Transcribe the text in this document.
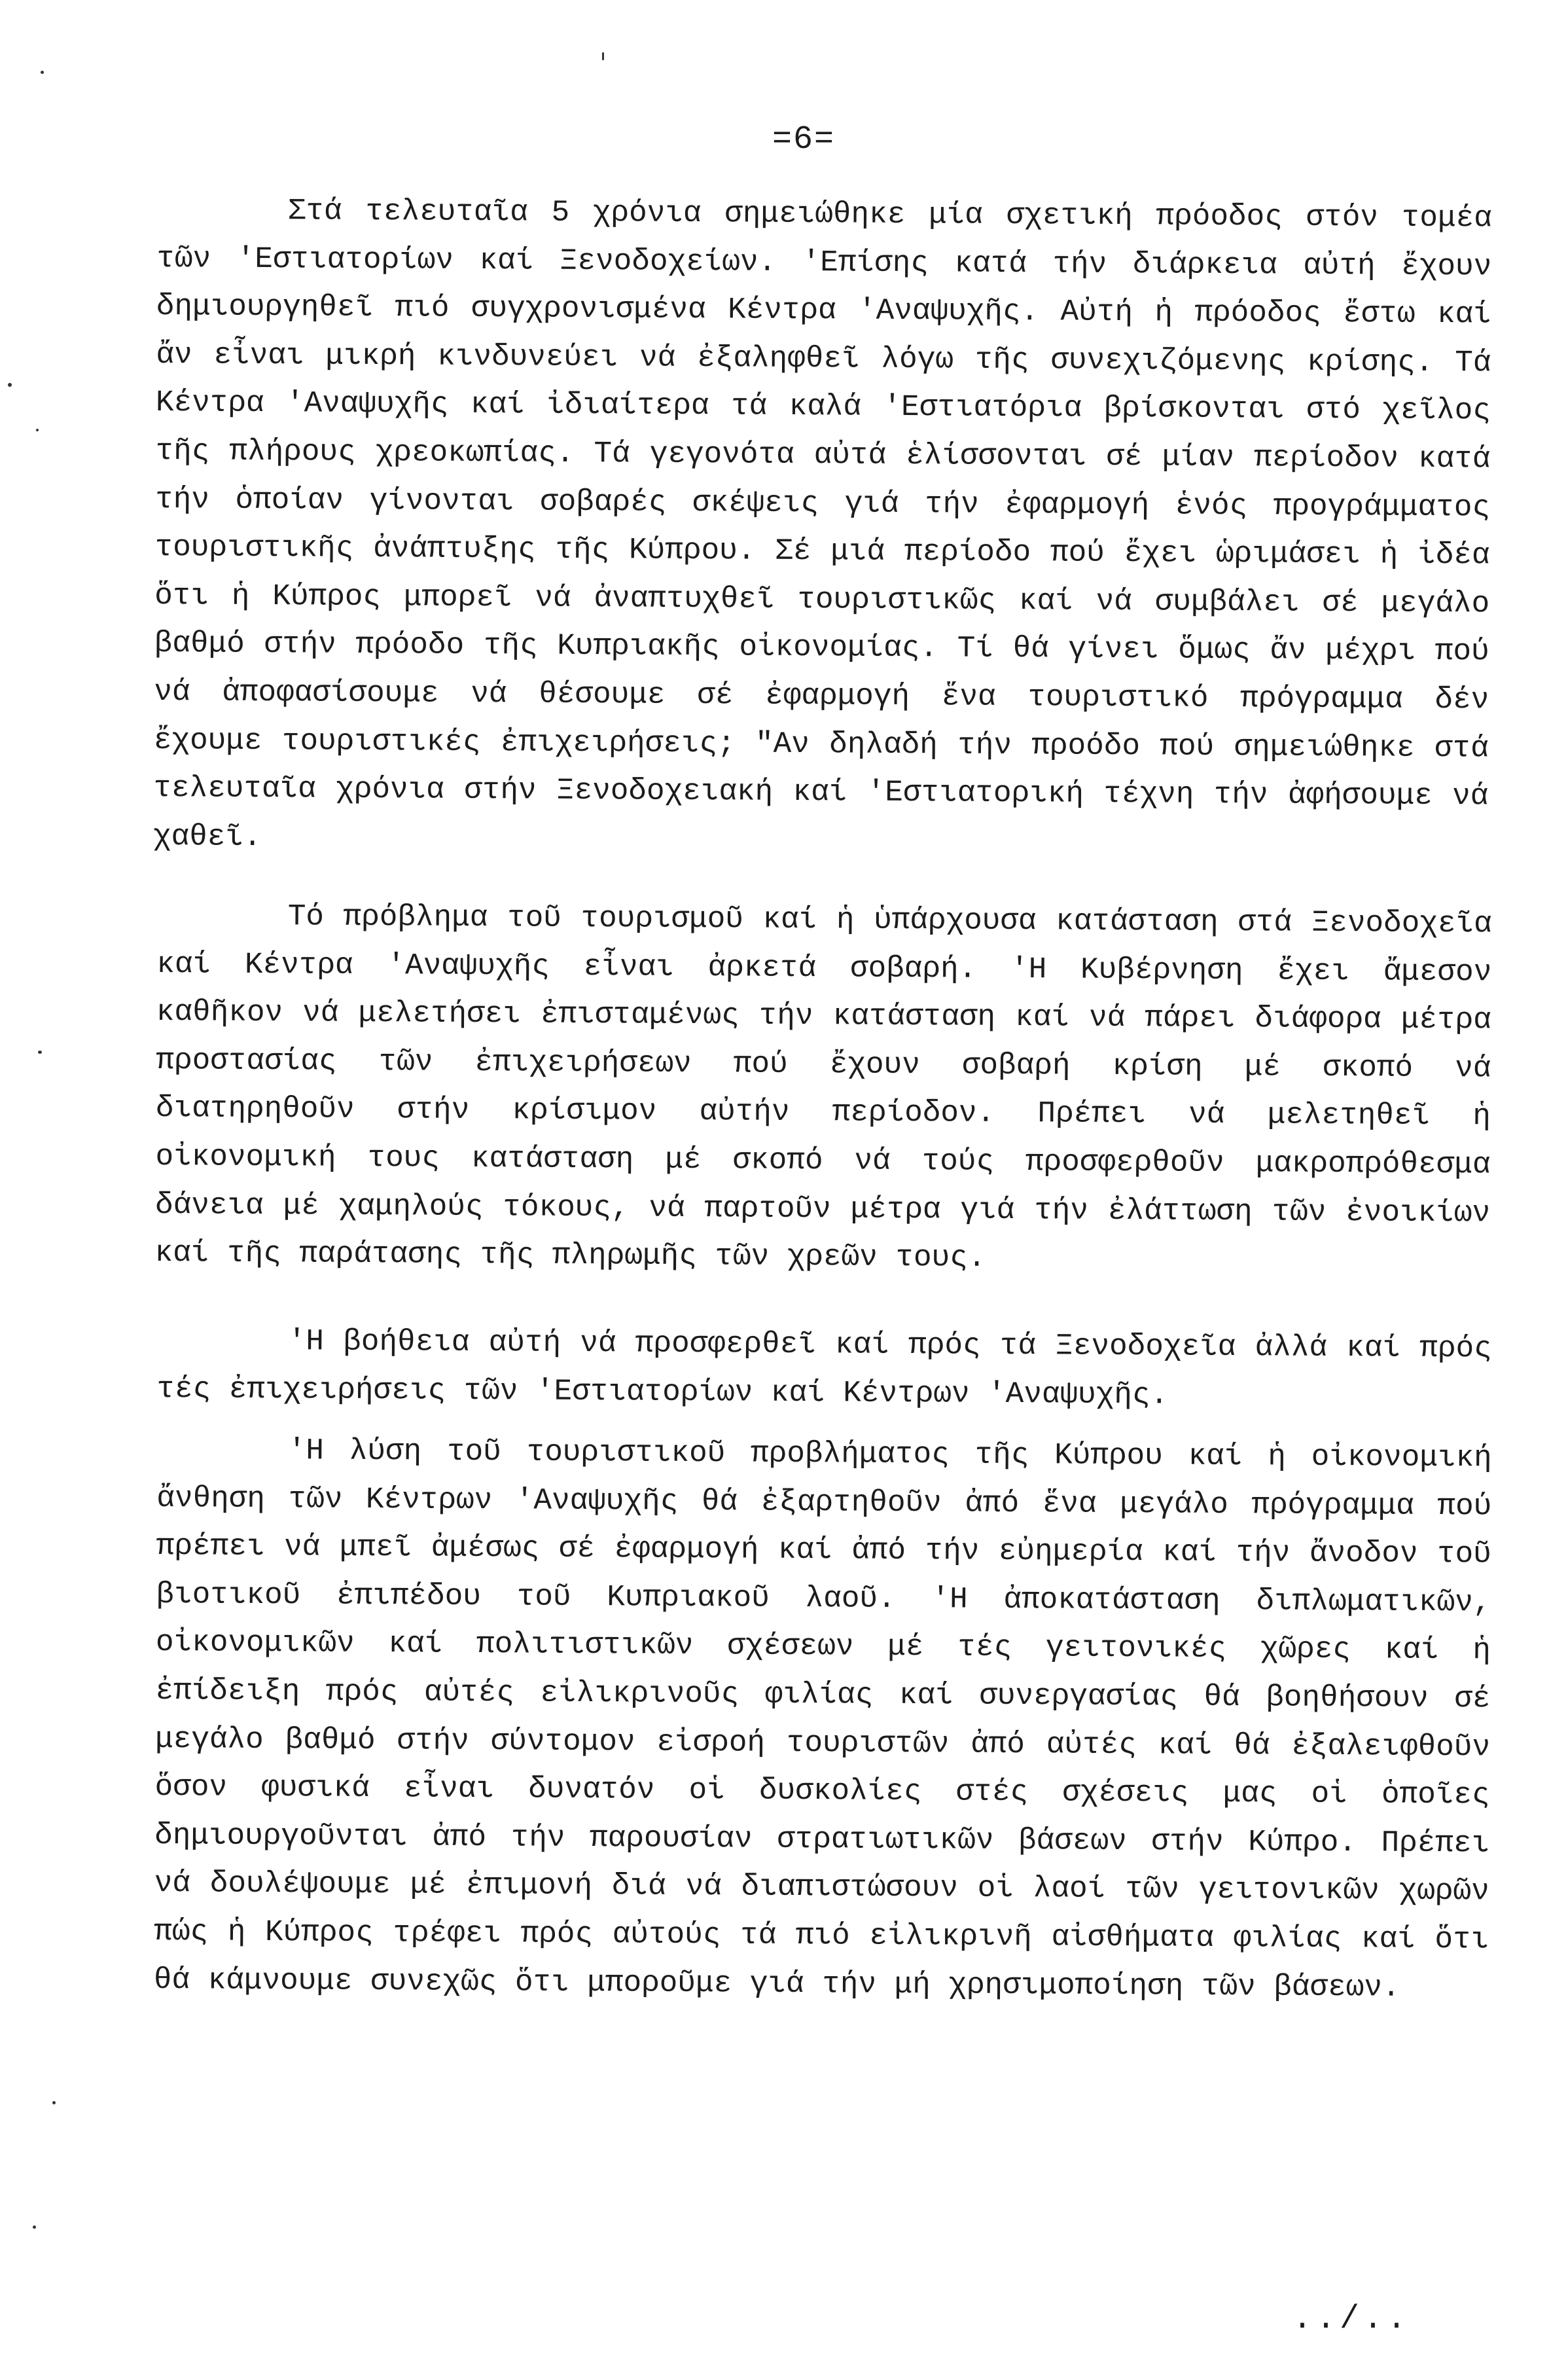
=6=

Στά τελευταῖα 5 χρόνια σημειώθηκε μία σχετική πρόοδος στόν τομέα τῶν 'Εστιατορίων καί Ξενοδοχείων. 'Επίσης κατά τήν διάρκεια αὐτή ἔχουν δημιουργηθεῖ πιό συγχρονισμένα Κέντρα 'Αναψυχῆς. Αὐτή ἡ πρόοδος ἔστω καί ἄν εἶναι μικρή κινδυνεύει νά ἐξαληφθεῖ λόγω τῆς συνεχιζόμενης κρίσης. Τά Κέντρα 'Αναψυχῆς καί ἰδιαίτερα τά καλά 'Εστιατόρια βρίσκονται στό χεῖλος τῆς πλήρους χρεοκωπίας. Τά γεγονότα αὐτά ἑλίσσονται σέ μίαν περίοδον κατά τήν ὁποίαν γίνονται σοβαρές σκέψεις γιά τήν ἐφαρμογή ἑνός προγράμματος τουριστικῆς ἀνάπτυξης τῆς Κύπρου. Σέ μιά περίοδο πού ἔχει ὡριμάσει ἡ ἰδέα ὅτι ἡ Κύπρος μπορεῖ νά ἀναπτυχθεῖ τουριστικῶς καί νά συμβάλει σέ μεγάλο βαθμό στήν πρόοδο τῆς Κυπριακῆς οἰκονομίας. Τί θά γίνει ὅμως ἄν μέχρι πού νά ἀποφασίσουμε νά θέσουμε σέ ἐφαρμογή ἕνα τουριστικό πρόγραμμα δέν ἔχουμε τουριστικές ἐπιχειρήσεις; "Αν δηλαδή τήν προόδο πού σημειώθηκε στά τελευταῖα χρόνια στήν Ξενοδοχειακή καί 'Εστιατορική τέχνη τήν ἀφήσουμε νά χαθεῖ.

Τό πρόβλημα τοῦ τουρισμοῦ καί ἡ ὑπάρχουσα κατάσταση στά Ξενοδοχεῖα καί Κέντρα 'Αναψυχῆς εἶναι ἀρκετά σοβαρή. 'Η Κυβέρνηση ἔχει ἄμεσον καθῆκον νά μελετήσει ἐπισταμένως τήν κατάσταση καί νά πάρει διάφορα μέτρα προστασίας τῶν ἐπιχειρήσεων πού ἔχουν σοβαρή κρίση μέ σκοπό νά διατηρηθοῦν στήν κρίσιμον αὐτήν περίοδον. Πρέπει νά μελετηθεῖ ἡ οἰκονομική τους κατάσταση μέ σκοπό νά τούς προσφερθοῦν μακροπρόθεσμα δάνεια μέ χαμηλούς τόκους, νά παρτοῦν μέτρα γιά τήν ἐλάττωση τῶν ἐνοικίων καί τῆς παράτασης τῆς πληρωμῆς τῶν χρεῶν τους.

'Η βοήθεια αὐτή νά προσφερθεῖ καί πρός τά Ξενοδοχεῖα ἀλλά καί πρός τές ἐπιχειρήσεις τῶν 'Εστιατορίων καί Κέντρων 'Αναψυχῆς.

'Η λύση τοῦ τουριστικοῦ προβλήματος τῆς Κύπρου καί ἡ οἰκονομική ἄνθηση τῶν Κέντρων 'Αναψυχῆς θά ἐξαρτηθοῦν ἀπό ἕνα μεγάλο πρόγραμμα πού πρέπει νά μπεῖ ἀμέσως σέ ἐφαρμογή καί ἀπό τήν εὐημερία καί τήν ἄνοδον τοῦ βιοτικοῦ ἐπιπέδου τοῦ Κυπριακοῦ λαοῦ. 'Η ἀποκατάσταση διπλωματικῶν, οἰκονομικῶν καί πολιτιστικῶν σχέσεων μέ τές γειτονικές χῶρες καί ἡ ἐπίδειξη πρός αὐτές εἰλικρινοῦς φιλίας καί συνεργασίας θά βοηθήσουν σέ μεγάλο βαθμό στήν σύντομον εἰσροή τουριστῶν ἀπό αὐτές καί θά ἐξαλειφθοῦν ὅσον φυσικά εἶναι δυνατόν οἱ δυσκολίες στές σχέσεις μας οἱ ὁποῖες δημιουργοῦνται ἀπό τήν παρουσίαν στρατιωτικῶν βάσεων στήν Κύπρο. Πρέπει νά δουλέψουμε μέ ἐπιμονή διά νά διαπιστώσουν οἱ λαοί τῶν γειτονικῶν χωρῶν πώς ἡ Κύπρος τρέφει πρός αὐτούς τά πιό εἰλικρινῆ αἰσθήματα φιλίας καί ὅτι θά κάμνουμε συνεχῶς ὅτι μποροῦμε γιά τήν μή χρησιμοποίηση τῶν βάσεων.

../..
